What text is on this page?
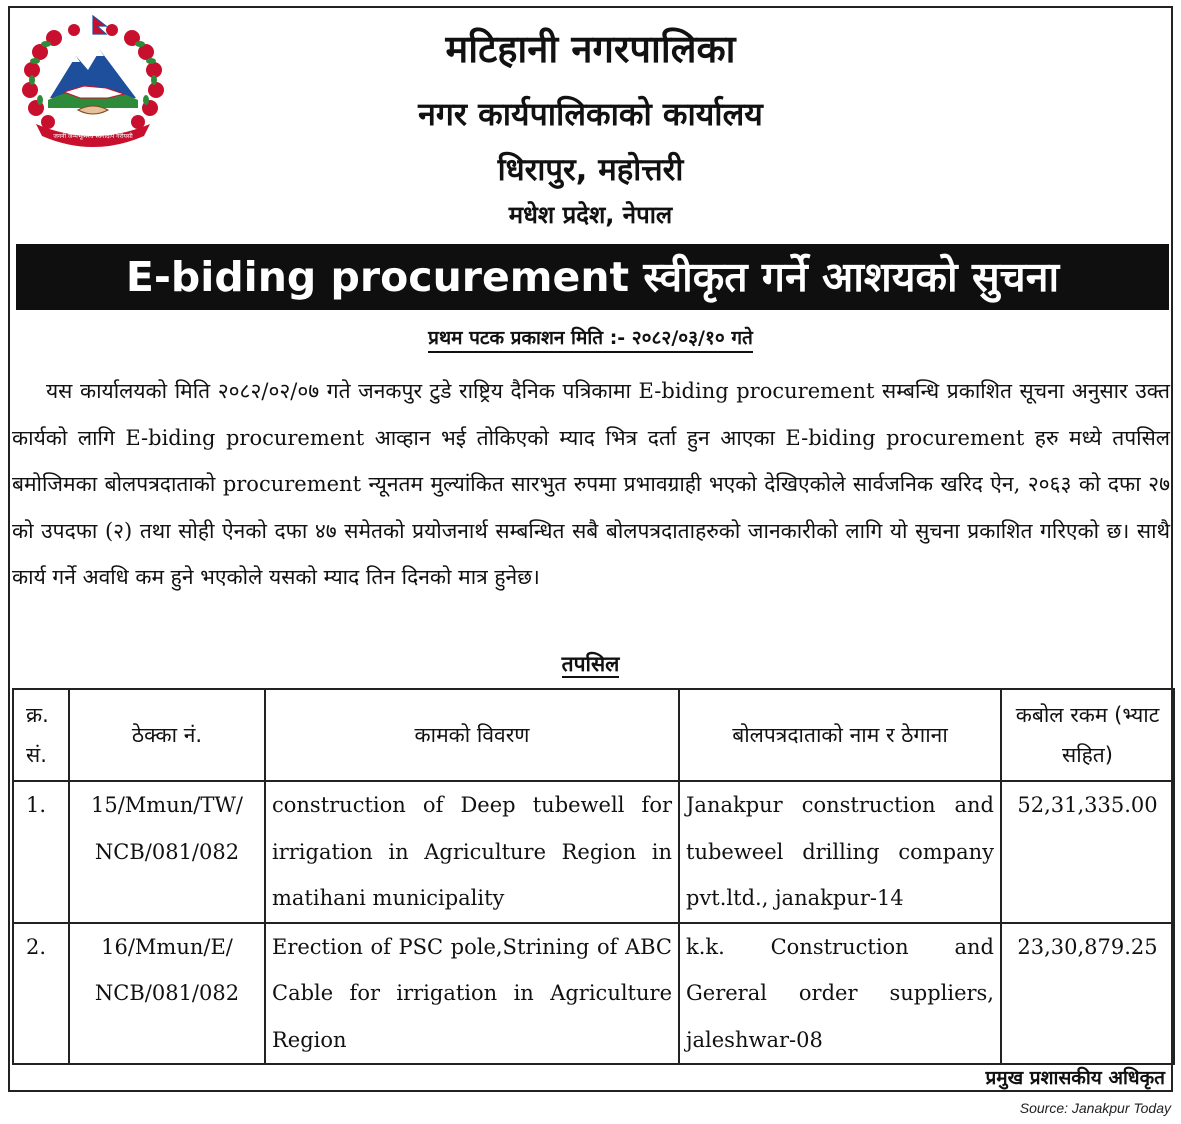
जननी जन्मभूमिश्च स्वर्गादपि गरीयसी
मटिहानी नगरपालिका
नगर कार्यपालिकाको कार्यालय
धिरापुर, महोत्तरी
मधेश प्रदेश, नेपाल
E-biding procurement स्वीकृत गर्ने आशयको सुचना
प्रथम पटक प्रकाशन मिति :- २०८२/०३/१० गते
यस कार्यालयको मिति २०८२/०२/०७ गते जनकपुर टुडे राष्ट्रिय दैनिक पत्रिकामा E-biding procurement सम्बन्धि प्रकाशित सूचना अनुसार उक्त कार्यको लागि E-biding procurement आव्हान भई तोकिएको म्याद भित्र दर्ता हुन आएका E-biding procurement हरु मध्ये तपसिल बमोजिमका बोलपत्रदाताको procurement न्यूनतम मुल्यांकित सारभुत रुपमा प्रभावग्राही भएको देखिएकोले सार्वजनिक खरिद ऐन, २०६३ को दफा २७ को उपदफा (२) तथा सोही ऐनको दफा ४७ समेतको प्रयोजनार्थ सम्बन्धित सबै बोलपत्रदाताहरुको जानकारीको लागि यो सुचना प्रकाशित गरिएको छ। साथै कार्य गर्ने अवधि कम हुने भएकोले यसको म्याद तिन दिनको मात्र हुनेछ।
तपसिल
क्र. सं.	ठेक्का नं.	कामको विवरण	बोलपत्रदाताको नाम र ठेगाना	कबोल रकम (भ्याट सहित)
1.	15/Mmun/TW/ NCB/081/082	construction of Deep tubewell for irrigation in Agriculture Region in matihani municipality	Janakpur construction and tubeweel drilling company pvt.ltd., janakpur-14	52,31,335.00
2.	16/Mmun/E/ NCB/081/082	Erection of PSC pole,Strining of ABC Cable for irrigation in Agriculture Region	k.k. Construction and Gereral order suppliers, jaleshwar-08	23,30,879.25
प्रमुख प्रशासकीय अधिकृत
Source: Janakpur Today
